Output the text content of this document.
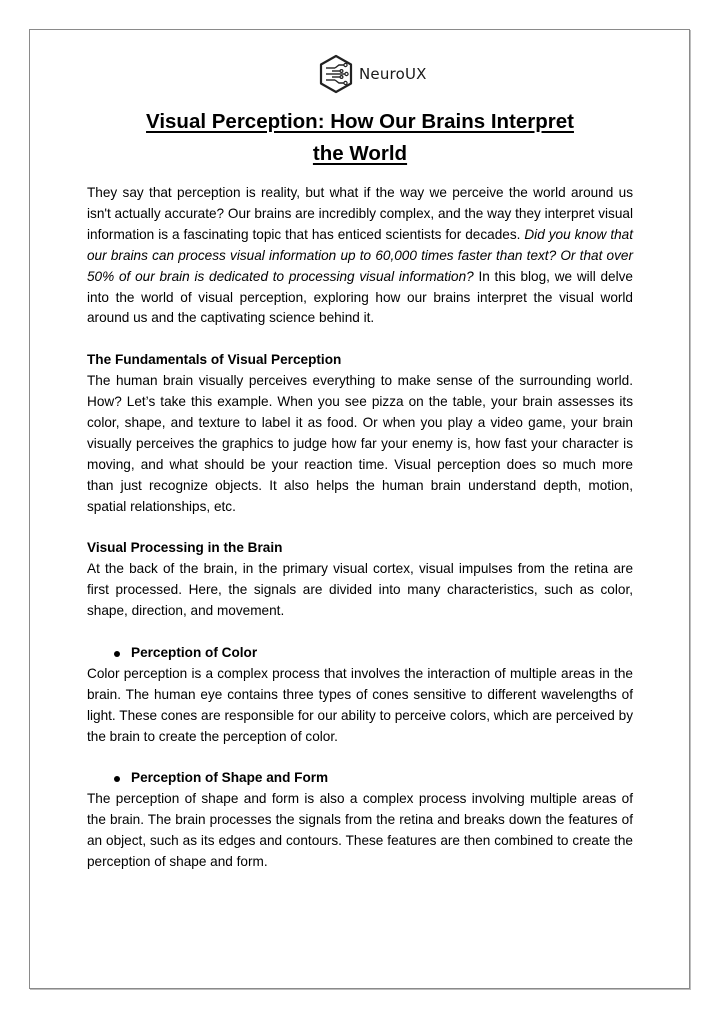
NeuroUX
Visual Perception: How Our Brains Interpret
the World

They say that perception is reality, but what if the way we perceive the world around us isn't actually accurate? Our brains are incredibly complex, and the way they interpret visual information is a fascinating topic that has enticed scientists for decades. Did you know that our brains can process visual information up to 60,000 times faster than text? Or that over 50% of our brain is dedicated to processing visual information? In this blog, we will delve into the world of visual perception, exploring how our brains interpret the visual world around us and the captivating science behind it.

The Fundamentals of Visual Perception

The human brain visually perceives everything to make sense of the surrounding world. How? Let’s take this example. When you see pizza on the table, your brain assesses its color, shape, and texture to label it as food. Or when you play a video game, your brain visually perceives the graphics to judge how far your enemy is, how fast your character is moving, and what should be your reaction time. Visual perception does so much more than just recognize objects. It also helps the human brain understand depth, motion, spatial relationships, etc.

Visual Processing in the Brain

At the back of the brain, in the primary visual cortex, visual impulses from the retina are first processed. Here, the signals are divided into many characteristics, such as color, shape, direction, and movement.

Perception of Color

Color perception is a complex process that involves the interaction of multiple areas in the brain. The human eye contains three types of cones sensitive to different wavelengths of light. These cones are responsible for our ability to perceive colors, which are perceived by the brain to create the perception of color.

Perception of Shape and Form

The perception of shape and form is also a complex process involving multiple areas of the brain. The brain processes the signals from the retina and breaks down the features of an object, such as its edges and contours. These features are then combined to create the perception of shape and form.
